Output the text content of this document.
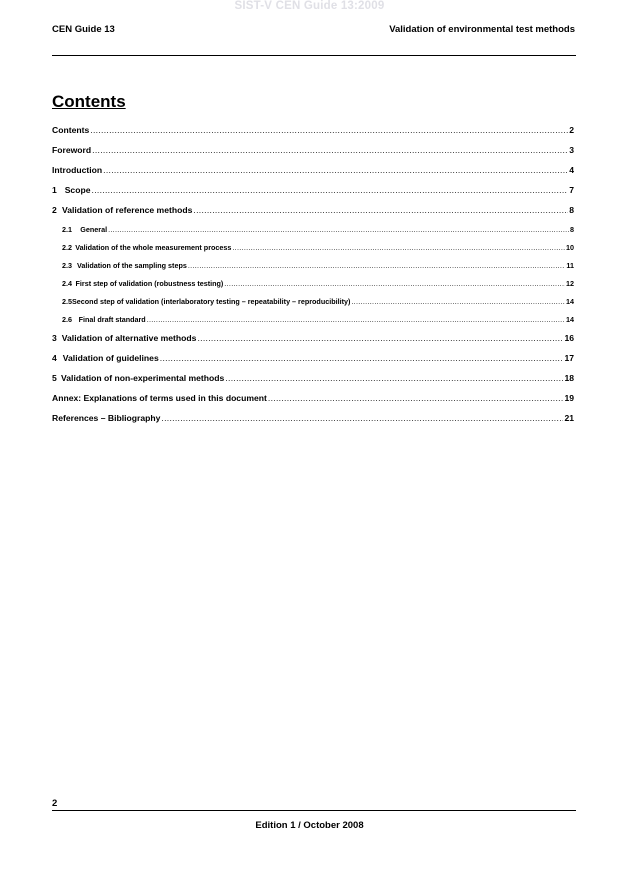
SIST-V CEN Guide 13:2009
CEN Guide 13	Validation of environmental test methods
Contents
Contents .....	2
Foreword .....	3
Introduction .....	4
1 Scope .....	7
2 Validation of reference methods .....	8
2.1	General .....	8
2.2 Validation of the whole measurement process .....	10
2.3 Validation of the sampling steps .....	11
2.4 First step of validation (robustness testing) .....	12
2.5 Second step of validation (interlaboratory testing – repeatability – reproducibility) .....	14
2.6 Final draft standard .....	14
3 Validation of alternative methods .....	16
4 Validation of guidelines .....	17
5 Validation of non-experimental methods .....	18
Annex: Explanations of terms used in this document .....	19
References – Bibliography .....	21
2
Edition 1 / October 2008
